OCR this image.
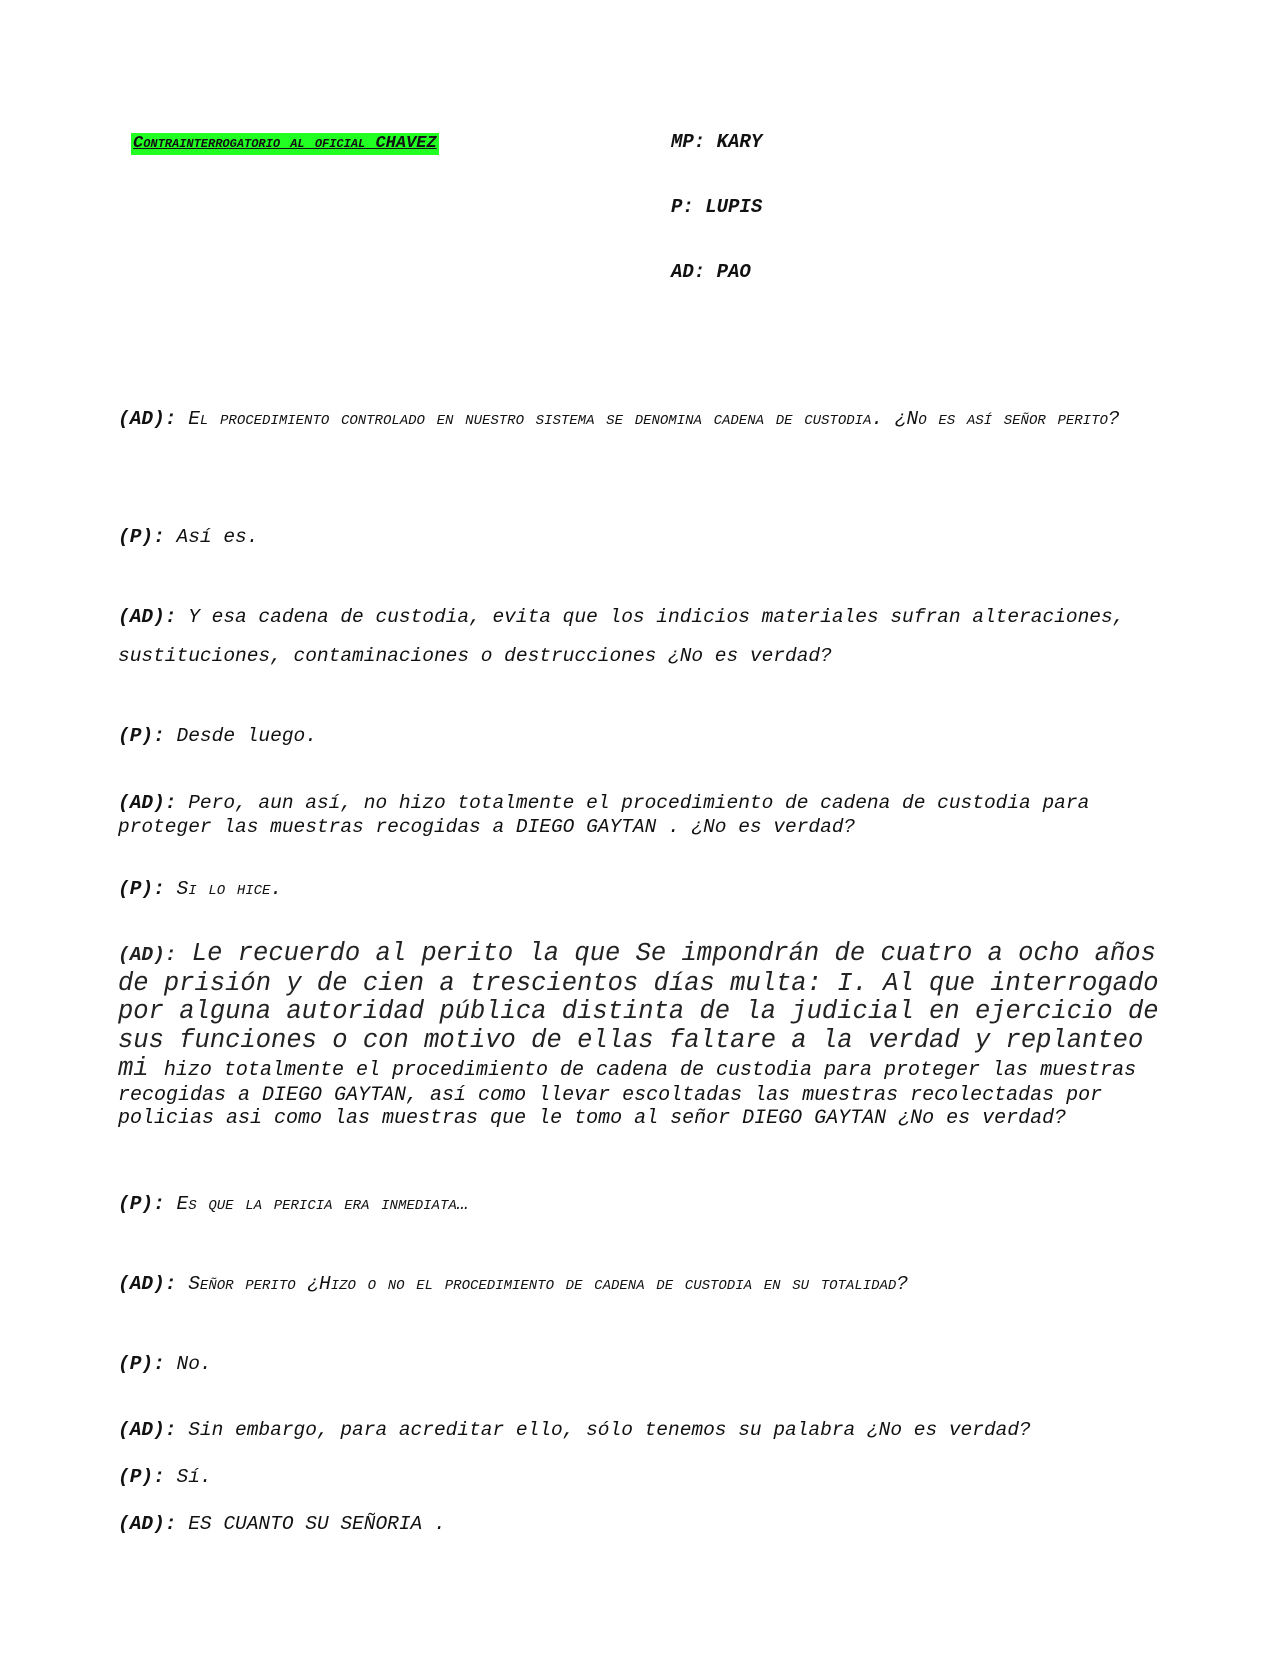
Contrainterrogatorio al oficial CHAVEZ	MP: KARY
P: LUPIS
AD: PAO
(AD): El procedimiento controlado en nuestro sistema se denomina cadena de custodia. ¿No es así señor perito?
(P): Así es.
(AD): Y esa cadena de custodia, evita que los indicios materiales sufran alteraciones, sustituciones, contaminaciones o destrucciones ¿No es verdad?
(P): Desde luego.
(AD): Pero, aun así, no hizo totalmente el procedimiento de cadena de custodia para proteger las muestras recogidas a DIEGO GAYTAN . ¿No es verdad?
(P): Si lo hice.
(AD): Le recuerdo al perito la que Se impondrán de cuatro a ocho años de prisión y de cien a trescientos días multa: I. Al que interrogado por alguna autoridad pública distinta de la judicial en ejercicio de sus funciones o con motivo de ellas faltare a la verdad y replanteo mi hizo totalmente el procedimiento de cadena de custodia para proteger las muestras recogidas a DIEGO GAYTAN, así como llevar escoltadas las muestras recolectadas por policias asi como las muestras que le tomo al señor DIEGO GAYTAN ¿No es verdad?
(P): Es que la pericia era inmediata…
(AD): Señor perito ¿Hizo o no el procedimiento de cadena de custodia en su totalidad?
(P): No.
(AD): Sin embargo, para acreditar ello, sólo tenemos su palabra ¿No es verdad?
(P): Sí.
(AD): ES CUANTO SU SEÑORIA .
